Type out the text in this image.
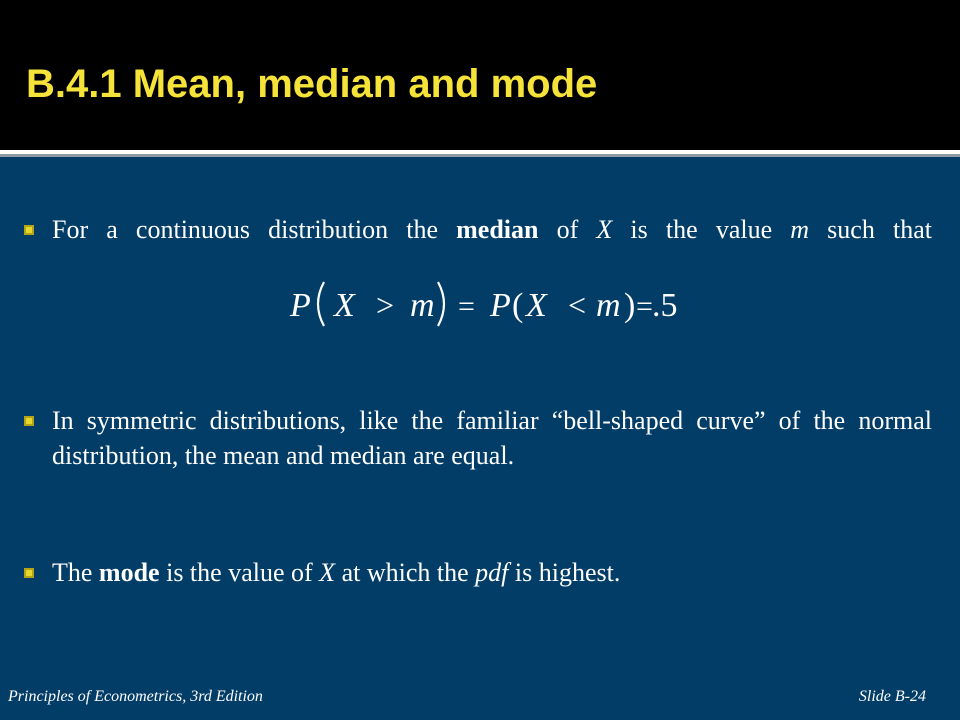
B.4.1 Mean, median and mode
For a continuous distribution the median of X is the value m such that
P X > m = P ( X < m ) = .5
In symmetric distributions, like the familiar “bell-shaped curve” of the normal distribution, the mean and median are equal.
The mode is the value of X at which the pdf is highest.
Principles of Econometrics, 3rd Edition	Slide B-24
